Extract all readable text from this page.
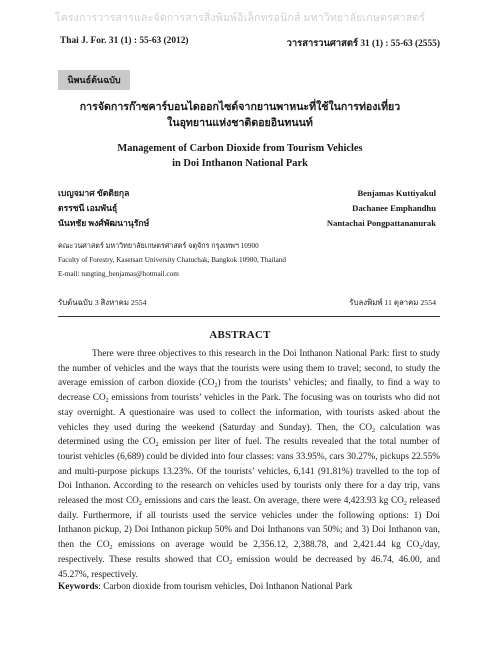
โครงการวารสารและจัดการสารสิ่งพิมพ์อิเล็กทรอนิกส์ มหาวิทยาลัยเกษตรศาสตร์
Thai J. For. 31 (1) : 55-63 (2012)	วารสารวนศาสตร์ 31 (1) : 55-63 (2555)
นิพนธ์ต้นฉบับ
การจัดการก๊าซคาร์บอนไดออกไซด์จากยานพาหนะที่ใช้ในการท่องเที่ยว
ในอุทยานแห่งชาติดอยอินทนนท์
Management of Carbon Dioxide from Tourism Vehicles
in Doi Inthanon National Park
เบญจมาศ ขัตติยกุล
ดรรชนี เอมพันธุ์
นันทชัย พงศ์พัฒนานุรักษ์
Benjamas Kuttiyakul
Dachanee Emphandhu
Nantachai Pongpattananurak
คณะวนศาสตร์ มหาวิทยาลัยเกษตรศาสตร์ จตุจักร กรุงเทพฯ 10900
Faculty of Forestry, Kasetsart University Chatuchak, Bangkok 10900, Thailand
E-mail: tungting_benjamas@hotmail.com
รับต้นฉบับ 3 สิงหาคม 2554	รับลงพิมพ์ 11 ตุลาคม 2554
ABSTRACT

There were three objectives to this research in the Doi Inthanon National Park: first to study the number of vehicles and the ways that the tourists were using them to travel; second, to study the average emission of carbon dioxide $(CO_2)$ from the tourists’ vehicles; and finally, to find a way to decrease $CO_2$ emissions from tourists’ vehicles in the Park. The focusing was on tourists who did not stay overnight. A questionaire was used to collect the information, with tourists asked about the vehicles they used during the weekend (Saturday and Sunday). Then, the $CO_2$ calculation was determined using the $CO_2$ emission per liter of fuel. The results revealed that the total number of tourist vehicles (6,689) could be divided into four classes: vans 33.95%, cars 30.27%, pickups 22.55% and multi-purpose pickups 13.23%. Of the tourists’ vehicles, 6,141 (91.81%) travelled to the top of Doi Inthanon. According to the research on vehicles used by tourists only there for a day trip, vans released the most $CO_2$ emissions and cars the least. On average, there were 4,423.93 kg $CO_2$ released daily. Furthermore, if all tourists used the service vehicles under the following options: 1) Doi Inthanon pickup, 2) Doi Inthanon pickup 50% and Doi Inthanons van 50%; and 3) Doi Inthanon van, then the $CO_2$ emissions on average would be 2,356.12, 2,388.78, and 2,421.44 kg $CO_2$/day, respectively. These results showed that $CO_2$ emission would be decreased by 46.74, 46.00, and 45.27%, respectively.

Keywords: Carbon dioxide from tourism vehicles, Doi Inthanon National Park
